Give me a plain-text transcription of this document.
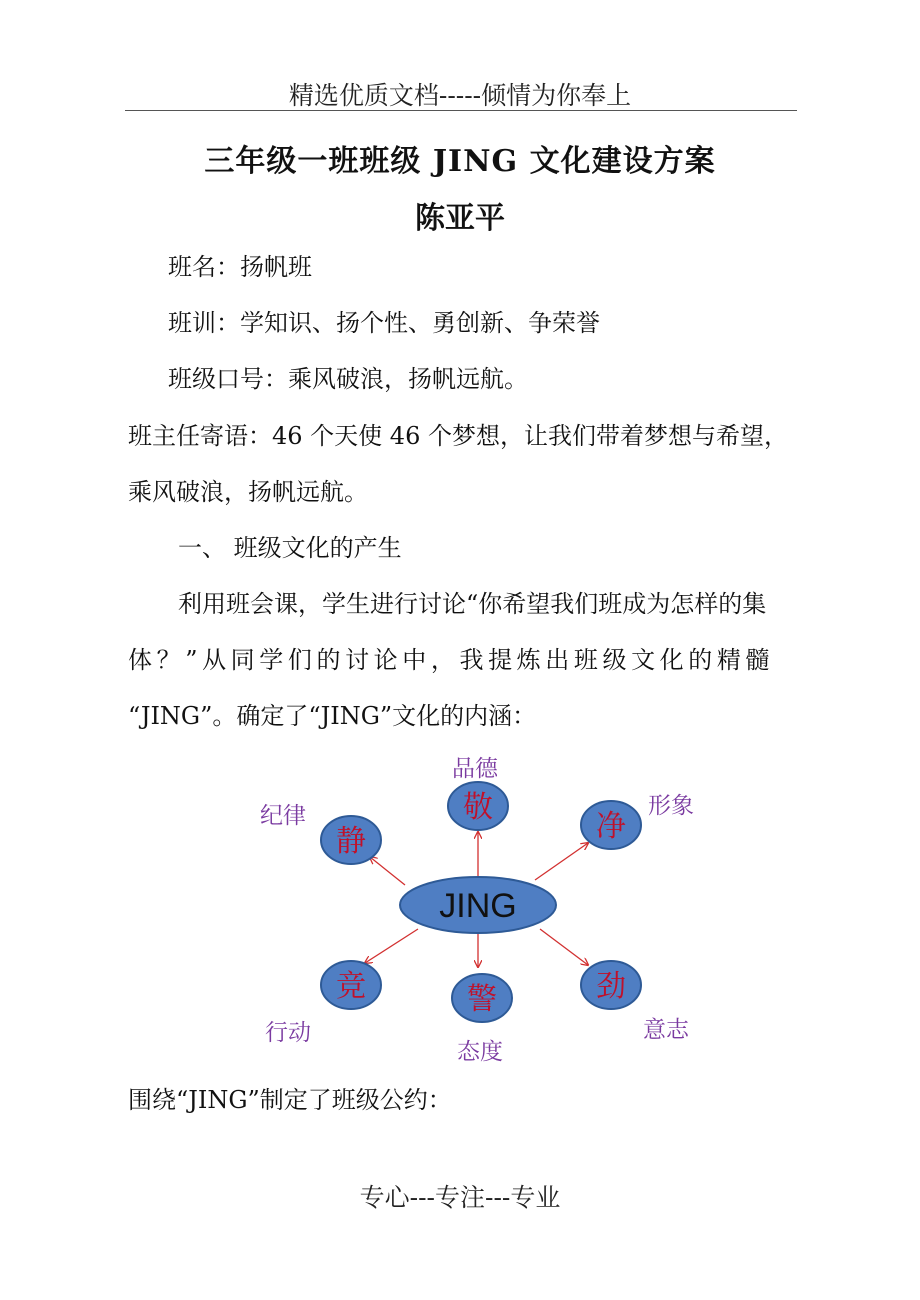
精选优质文档-----倾情为你奉上
三年级一班班级 JING 文化建设方案
陈亚平
班名：扬帆班
班训：学知识、扬个性、勇创新、争荣誉
班级口号：乘风破浪，扬帆远航。
班主任寄语：46 个天使 46 个梦想，让我们带着梦想与希望，
乘风破浪，扬帆远航。
一、 班级文化的产生
利用班会课，学生进行讨论“你希望我们班成为怎样的集
体？”从同学们的讨论中，我提炼出班级文化的精髓
“JING”。确定了“JING”文化的内涵：
JING
静
纪律	敬
品德
净
形象
竞
行动
警
态度
劲
意志
围绕“JING”制定了班级公约：
专心---专注---专业
